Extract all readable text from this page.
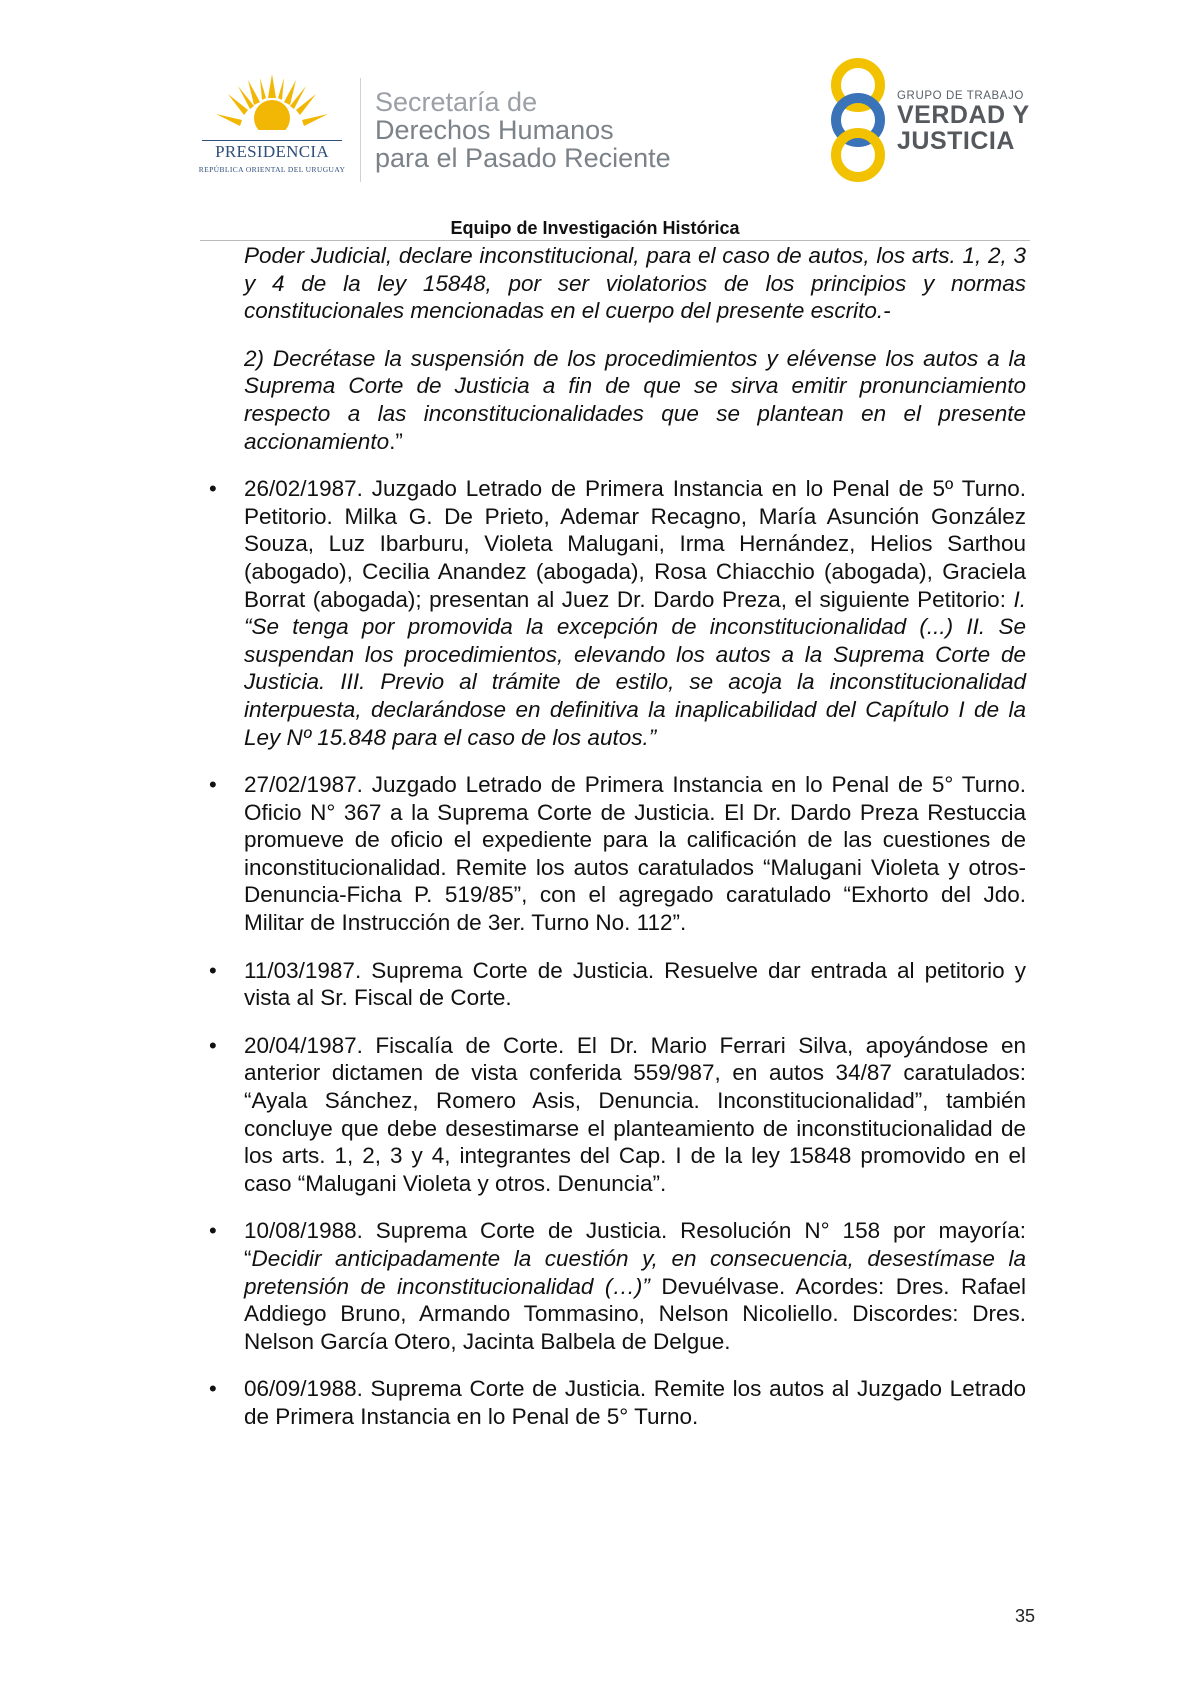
PRESIDENCIA
REPÚBLICA ORIENTAL DEL URUGUAY
Secretaría de
Derechos Humanos
para el Pasado Reciente
GRUPO DE TRABAJO
VERDAD Y
JUSTICIA
Equipo de Investigación Histórica

Poder Judicial, declare inconstitucional, para el caso de autos, los arts. 1, 2, 3 y 4 de la ley 15848, por ser violatorios de los principios y normas constitucionales mencionadas en el cuerpo del presente escrito.-

2) Decrétase la suspensión de los procedimientos y elévense los autos a la Suprema Corte de Justicia a fin de que se sirva emitir pronunciamiento respecto a las inconstitucionalidades que se plantean en el presente accionamiento.”

• 26/02/1987. Juzgado Letrado de Primera Instancia en lo Penal de 5º Turno. Petitorio. Milka G. De Prieto, Ademar Recagno, María Asunción González Souza, Luz Ibarburu, Violeta Malugani, Irma Hernández, Helios Sarthou (abogado), Cecilia Anandez (abogada), Rosa Chiacchio (abogada), Graciela Borrat (abogada); presentan al Juez Dr. Dardo Preza, el siguiente Petitorio: I. “Se tenga por promovida la excepción de inconstitucionalidad (...) II. Se suspendan los procedimientos, elevando los autos a la Suprema Corte de Justicia. III. Previo al trámite de estilo, se acoja la inconstitucionalidad interpuesta, declarándose en definitiva la inaplicabilidad del Capítulo I de la Ley Nº 15.848 para el caso de los autos.”

• 27/02/1987. Juzgado Letrado de Primera Instancia en lo Penal de 5° Turno. Oficio N° 367 a la Suprema Corte de Justicia. El Dr. Dardo Preza Restuccia promueve de oficio el expediente para la calificación de las cuestiones de inconstitucionalidad. Remite los autos caratulados “Malugani Violeta y otros-Denuncia-Ficha P. 519/85”, con el agregado caratulado “Exhorto del Jdo. Militar de Instrucción de 3er. Turno No. 112”.

• 11/03/1987. Suprema Corte de Justicia. Resuelve dar entrada al petitorio y vista al Sr. Fiscal de Corte.

• 20/04/1987. Fiscalía de Corte. El Dr. Mario Ferrari Silva, apoyándose en anterior dictamen de vista conferida 559/987, en autos 34/87 caratulados: “Ayala Sánchez, Romero Asis, Denuncia. Inconstitucionalidad”, también concluye que debe desestimarse el planteamiento de inconstitucionalidad de los arts. 1, 2, 3 y 4, integrantes del Cap. I de la ley 15848 promovido en el caso “Malugani Violeta y otros. Denuncia”.

• 10/08/1988. Suprema Corte de Justicia. Resolución N° 158 por mayoría: “Decidir anticipadamente la cuestión y, en consecuencia, desestímase la pretensión de inconstitucionalidad (…)” Devuélvase. Acordes: Dres. Rafael Addiego Bruno, Armando Tommasino, Nelson Nicoliello. Discordes: Dres. Nelson García Otero, Jacinta Balbela de Delgue.

• 06/09/1988. Suprema Corte de Justicia. Remite los autos al Juzgado Letrado de Primera Instancia en lo Penal de 5° Turno.

35
